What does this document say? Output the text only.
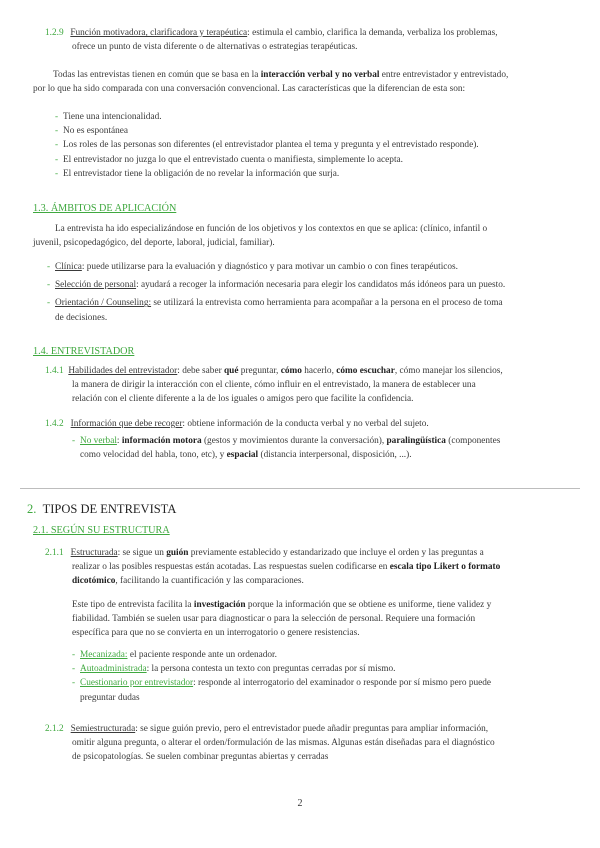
1.2.9 Función motivadora, clarificadora y terapéutica: estimula el cambio, clarifica la demanda, verbaliza los problemas,

ofrece un punto de vista diferente o de alternativas o estrategias terapéuticas.

Todas las entrevistas tienen en común que se basa en la interacción verbal y no verbal entre entrevistador y entrevistado,

por lo que ha sido comparada con una conversación convencional. Las características que la diferencian de esta son:

- Tiene una intencionalidad.

- No es espontánea

- Los roles de las personas son diferentes (el entrevistador plantea el tema y pregunta y el entrevistado responde).

- El entrevistador no juzga lo que el entrevistado cuenta o manifiesta, simplemente lo acepta.

- El entrevistador tiene la obligación de no revelar la información que surja.

1.3. ÁMBITOS DE APLICACIÓN

La entrevista ha ido especializándose en función de los objetivos y los contextos en que se aplica: (clínico, infantil o

juvenil, psicopedagógico, del deporte, laboral, judicial, familiar).

- Clínica: puede utilizarse para la evaluación y diagnóstico y para motivar un cambio o con fines terapéuticos.

- Selección de personal: ayudará a recoger la información necesaria para elegir los candidatos más idóneos para un puesto.

- Orientación / Counseling: se utilizará la entrevista como herramienta para acompañar a la persona en el proceso de toma

de decisiones.

1.4. ENTREVISTADOR

1.4.1 Habilidades del entrevistador: debe saber qué preguntar, cómo hacerlo, cómo escuchar, cómo manejar los silencios,

la manera de dirigir la interacción con el cliente, cómo influir en el entrevistado, la manera de establecer una

relación con el cliente diferente a la de los iguales o amigos pero que facilite la confidencia.

1.4.2 Información que debe recoger: obtiene información de la conducta verbal y no verbal del sujeto.

- No verbal: información motora (gestos y movimientos durante la conversación), paralingüística (componentes

como velocidad del habla, tono, etc), y espacial (distancia interpersonal, disposición, ...).

2. TIPOS DE ENTREVISTA
2.1. SEGÚN SU ESTRUCTURA

2.1.1 Estructurada: se sigue un guión previamente establecido y estandarizado que incluye el orden y las preguntas a

realizar o las posibles respuestas están acotadas. Las respuestas suelen codificarse en escala tipo Likert o formato

dicotómico, facilitando la cuantificación y las comparaciones.

Este tipo de entrevista facilita la investigación porque la información que se obtiene es uniforme, tiene validez y

fiabilidad. También se suelen usar para diagnosticar o para la selección de personal. Requiere una formación

específica para que no se convierta en un interrogatorio o genere resistencias.

- Mecanizada: el paciente responde ante un ordenador.

- Autoadministrada: la persona contesta un texto con preguntas cerradas por sí mismo.

- Cuestionario por entrevistador: responde al interrogatorio del examinador o responde por sí mismo pero puede

preguntar dudas

2.1.2 Semiestructurada: se sigue guión previo, pero el entrevistador puede añadir preguntas para ampliar información,

omitir alguna pregunta, o alterar el orden/formulación de las mismas. Algunas están diseñadas para el diagnóstico

de psicopatologías. Se suelen combinar preguntas abiertas y cerradas

2
